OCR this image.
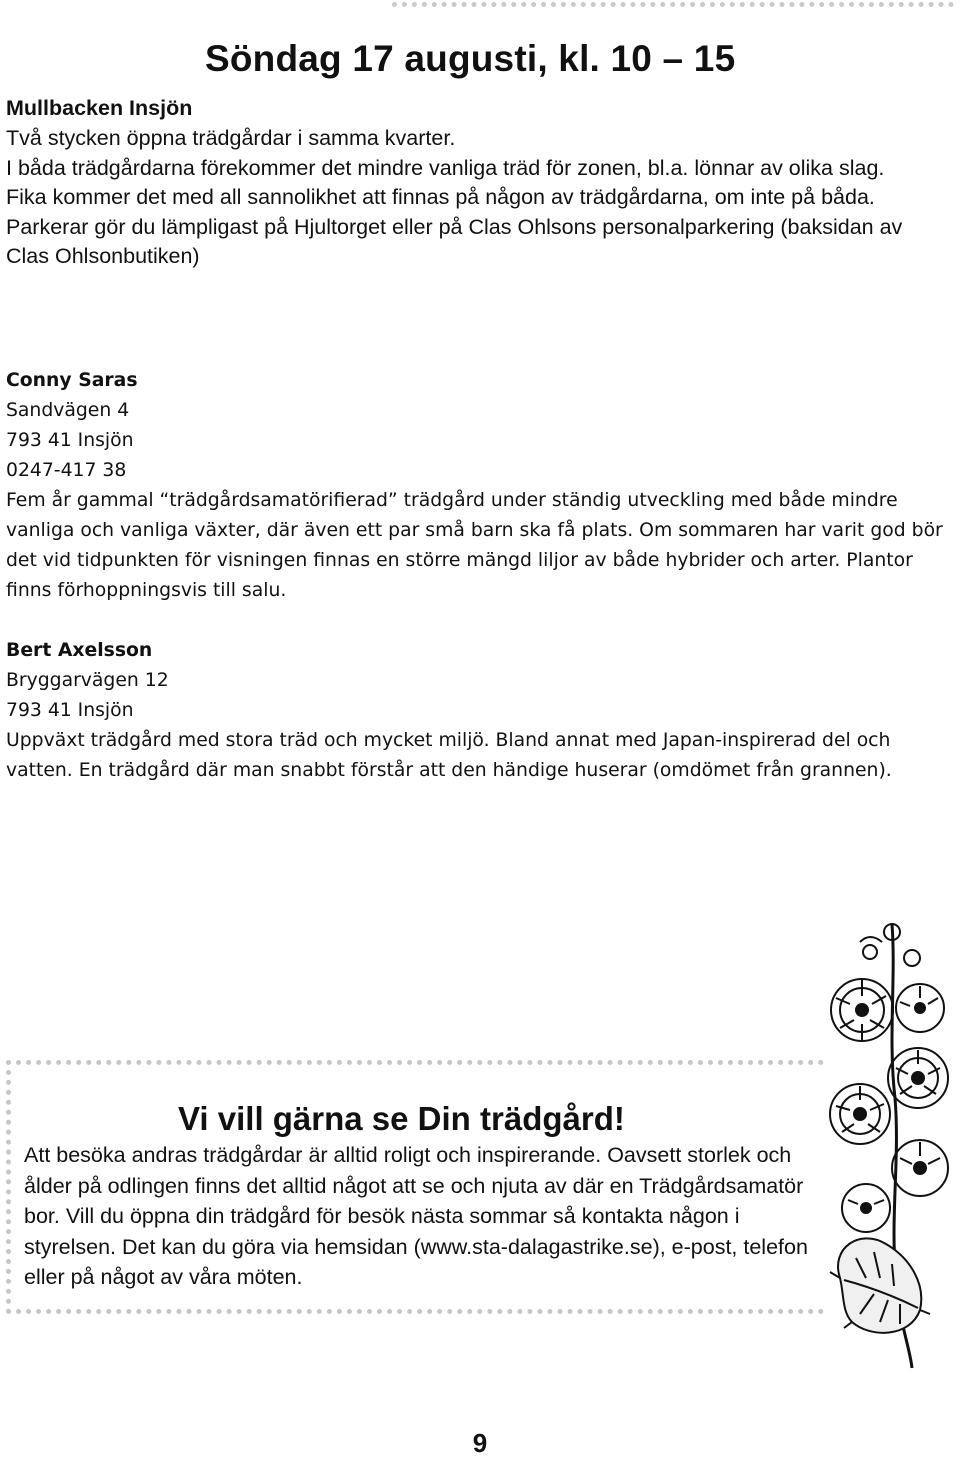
Söndag 17 augusti, kl. 10 – 15
Mullbacken Insjön

Två stycken öppna trädgårdar i samma kvarter.

I båda trädgårdarna förekommer det mindre vanliga träd för zonen, bl.a. lönnar av olika slag.

Fika kommer det med all sannolikhet att finnas på någon av trädgårdarna, om inte på båda.

Parkerar gör du lämpligast på Hjultorget eller på Clas Ohlsons personalparkering (baksidan av Clas Ohlsonbutiken)

Conny Saras

Sandvägen 4

793 41 Insjön

0247-417 38

Fem år gammal “trädgårdsamatörifierad” trädgård under ständig utveckling med både mindre vanliga och vanliga växter, där även ett par små barn ska få plats. Om sommaren har varit god bör det vid tidpunkten för visningen finnas en större mängd liljor av både hybrider och arter. Plantor finns förhoppningsvis till salu.

Bert Axelsson

Bryggarvägen 12

793 41 Insjön

Uppväxt trädgård med stora träd och mycket miljö. Bland annat med Japan-inspirerad del och vatten. En trädgård där man snabbt förstår att den händige huserar (omdömet från grannen).

Vi vill gärna se Din trädgård!
Att besöka andras trädgårdar är alltid roligt och inspirerande. Oavsett storlek och ålder på odlingen finns det alltid något att se och njuta av där en Trädgårdsamatör bor. Vill du öppna din trädgård för besök nästa sommar så kontakta någon i styrelsen. Det kan du göra via hemsidan (www.sta-dalagastrike.se), e-post, telefon eller på något av våra möten.

9
